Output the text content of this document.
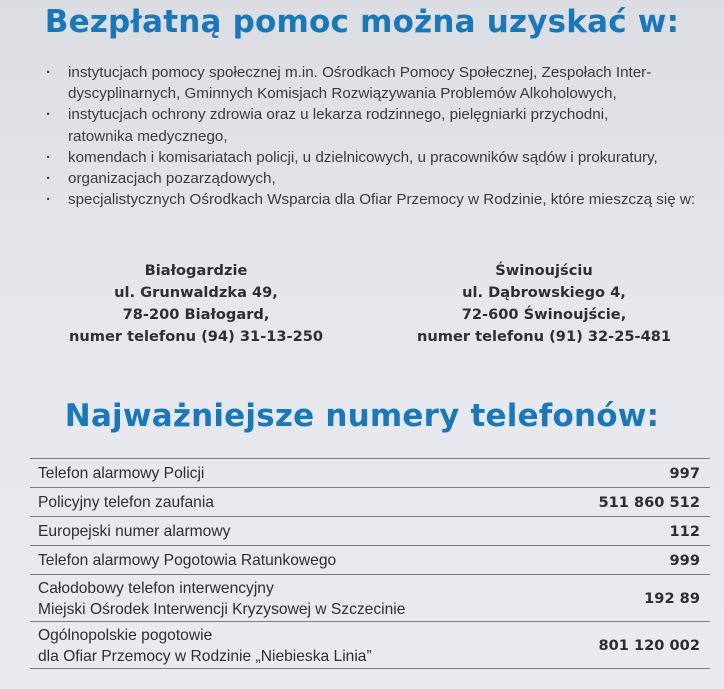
Bezpłatną pomoc można uzyskać w:
· instytucjach pomocy społecznej m.in. Ośrodkach Pomocy Społecznej, Zespołach Inter-
dyscyplinarnych, Gminnych Komisjach Rozwiązywania Problemów Alkoholowych,
· instytucjach ochrony zdrowia oraz u lekarza rodzinnego, pielęgniarki przychodni,
ratownika medycznego,
· komendach i komisariatach policji, u dzielnicowych, u pracowników sądów i prokuratury,
· organizacjach pozarządowych,
· specjalistycznych Ośrodkach Wsparcia dla Ofiar Przemocy w Rodzinie, które mieszczą się w:
Białogardzie
ul. Grunwaldzka 49,
78-200 Białogard,
numer telefonu (94) 31-13-250
Świnoujściu
ul. Dąbrowskiego 4,
72-600 Świnoujście,
numer telefonu (91) 32-25-481
Najważniejsze numery telefonów:
Telefon alarmowy Policji	997
Policyjny telefon zaufania	511 860 512
Europejski numer alarmowy	112
Telefon alarmowy Pogotowia Ratunkowego	999

Całodobowy telefon interwencyjny
Miejski Ośrodek Interwencji Kryzysowej w Szczecinie	192 89

Ogólnopolskie pogotowie
dla Ofiar Przemocy w Rodzinie „Niebieska Linia”	801 120 002
